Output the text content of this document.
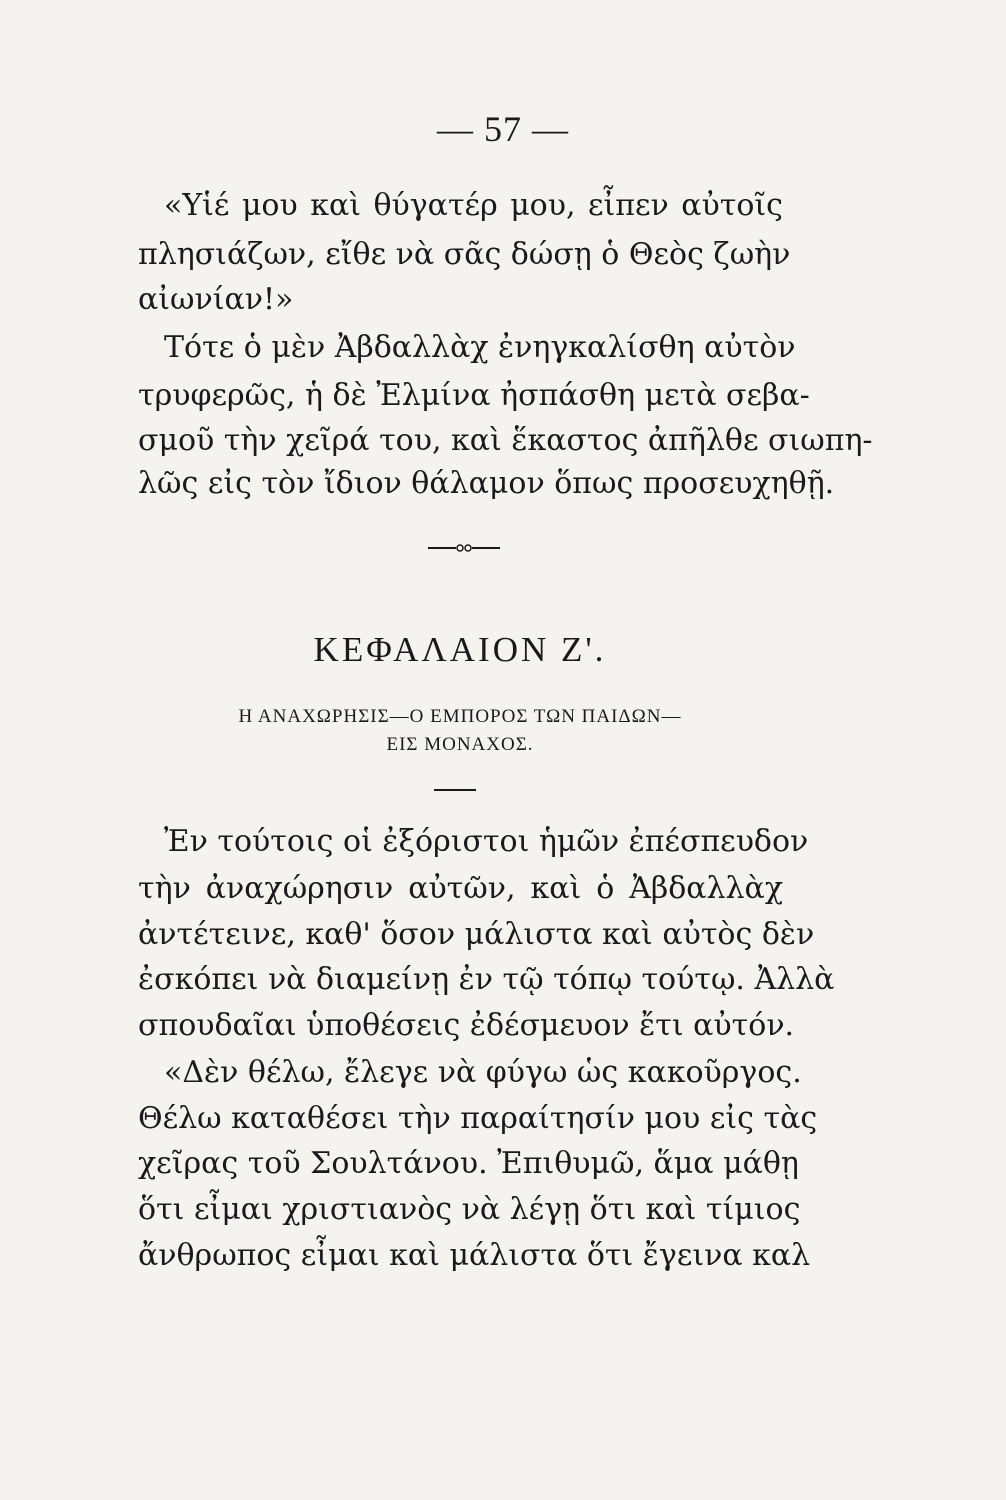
— 57 —
«Υἱέ μου καὶ θύγατέρ μου, εἶπεν αὐτοῖς
πλησιάζων, εἴθε νὰ σᾶς δώσῃ ὁ Θεὸς ζωὴν
αἰωνίαν!»
Τότε ὁ μὲν Ἀβδαλλὰχ ἐνηγκαλίσθη αὐτὸν
τρυφερῶς, ἡ δὲ Ἐλμίνα ἠσπάσθη μετὰ σεβα-
σμοῦ τὴν χεῖρά του, καὶ ἕκαστος ἀπῆλθε σιωπη-
λῶς εἰς τὸν ἴδιον θάλαμον ὅπως προσευχηθῇ.
ΚΕΦΑΛΑΙΟΝ Ζ'.
Η ΑΝΑΧΩΡΗΣΙΣ—Ο ΕΜΠΟΡΟΣ ΤΩΝ ΠΑΙΔΩΝ—
ΕΙΣ ΜΟΝΑΧΟΣ.
Ἐν τούτοις οἱ ἐξόριστοι ἡμῶν ἐπέσπευδον
τὴν ἀναχώρησιν αὐτῶν, καὶ ὁ Ἀβδαλλὰχ
ἀντέτεινε, καθ' ὅσον μάλιστα καὶ αὐτὸς δὲν
ἐσκόπει νὰ διαμείνῃ ἐν τῷ τόπῳ τούτῳ. Ἀλλὰ
σπουδαῖαι ὑποθέσεις ἐδέσμευον ἔτι αὐτόν.
«Δὲν θέλω, ἔλεγε νὰ φύγω ὡς κακοῦργος.
Θέλω καταθέσει τὴν παραίτησίν μου εἰς τὰς
χεῖρας τοῦ Σουλτάνου. Ἐπιθυμῶ, ἅμα μάθῃ
ὅτι εἶμαι χριστιανὸς νὰ λέγῃ ὅτι καὶ τίμιος
ἄνθρωπος εἶμαι καὶ μάλιστα ὅτι ἔγεινα καλ
